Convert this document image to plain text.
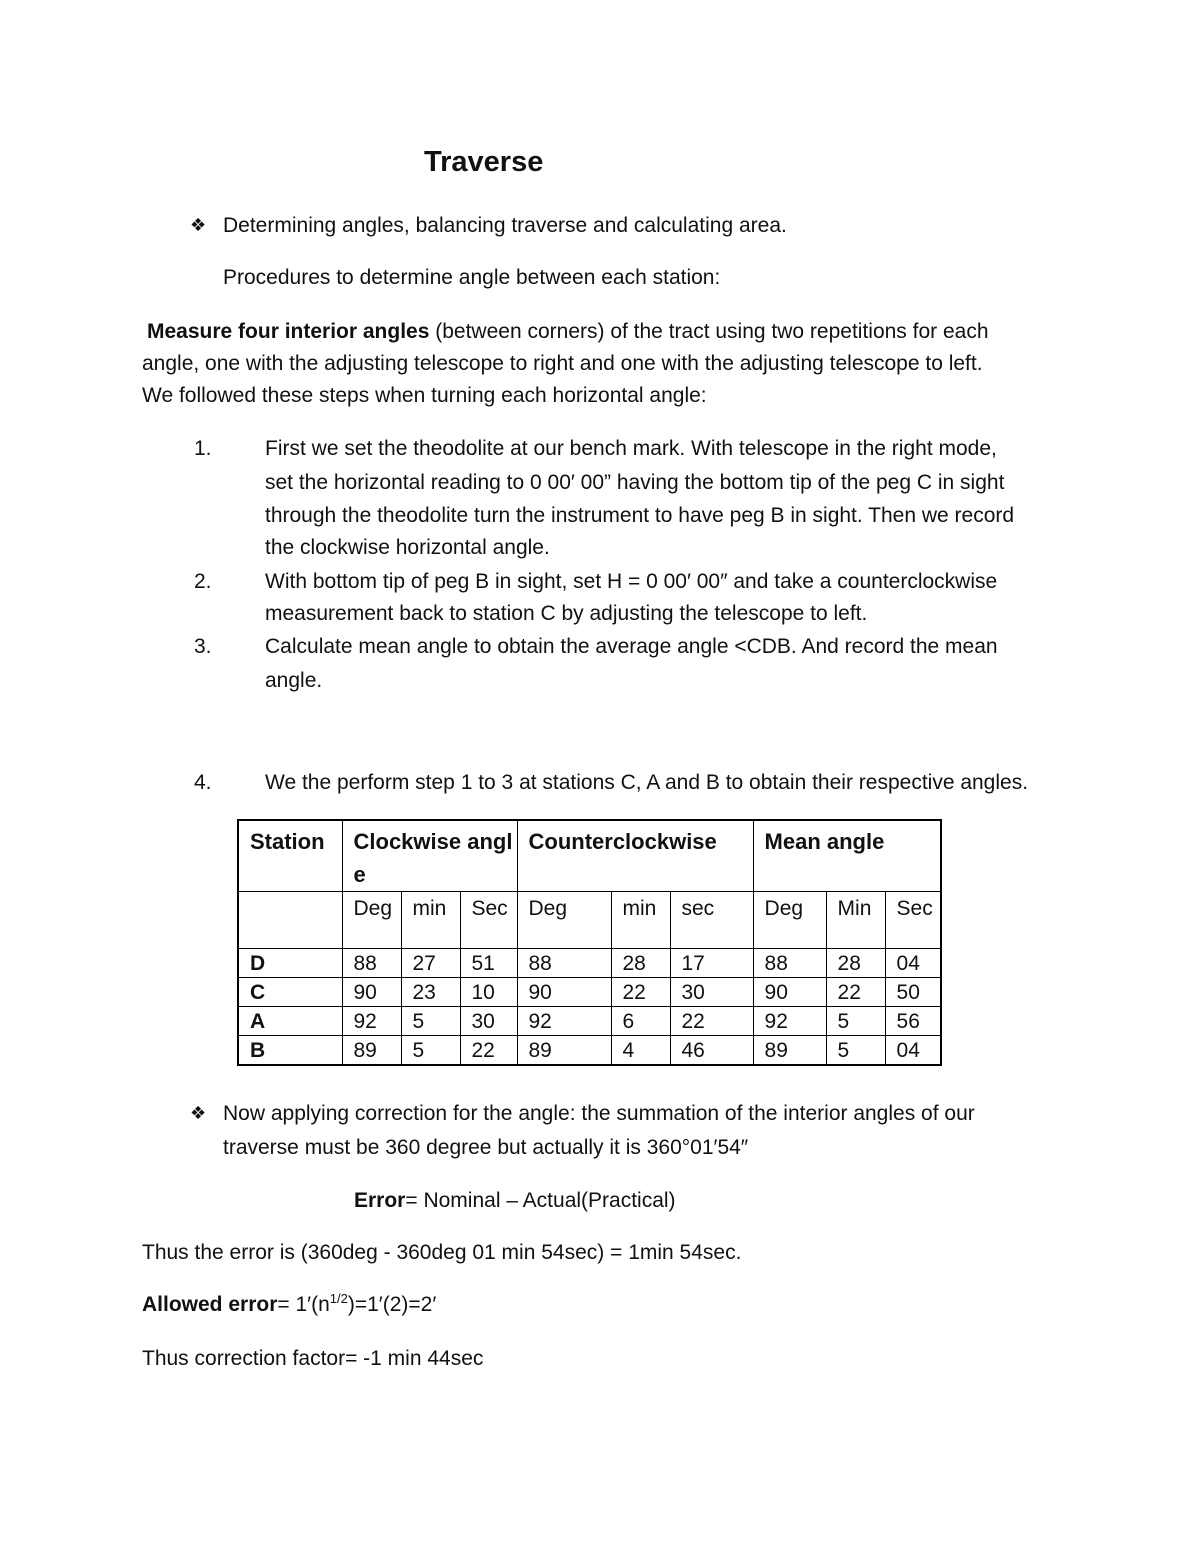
Traverse
❖ Determining angles, balancing traverse and calculating area.
Procedures to determine angle between each station:
Measure four interior angles (between corners) of the tract using two repetitions for each
angle, one with the adjusting telescope to right and one with the adjusting telescope to left.
We followed these steps when turning each horizontal angle:
1.	First we set the theodolite at our bench mark. With telescope in the right mode,
set the horizontal reading to 0 00′ 00” having the bottom tip of the peg C in sight
through the theodolite turn the instrument to have peg B in sight. Then we record
the clockwise horizontal angle.
2.	With bottom tip of peg B in sight, set H = 0 00′ 00″ and take a counterclockwise
measurement back to station C by adjusting the telescope to left.
3.	Calculate mean angle to obtain the average angle <CDB. And record the mean
angle.
4.	We the perform step 1 to 3 at stations C, A and B to obtain their respective angles.
Station	Clockwise angle			Counterclockwise			Mean angle		
	Deg	min	Sec	Deg	min	sec	Deg	Min	Sec
D	88	27	51	88	28	17	88	28	04
C	90	23	10	90	22	30	90	22	50
A	92	5	30	92	6	22	92	5	56
B	89	5	22	89	4	46	89	5	04
❖ Now applying correction for the angle: the summation of the interior angles of our
traverse must be 360 degree but actually it is 360°01′54″
Error= Nominal – Actual(Practical)
Thus the error is (360deg - 360deg 01 min 54sec) = 1min 54sec.
Allowed error= $1'(n^{1/2})=1'(2)=2'$
Thus correction factor= -1 min 44sec
